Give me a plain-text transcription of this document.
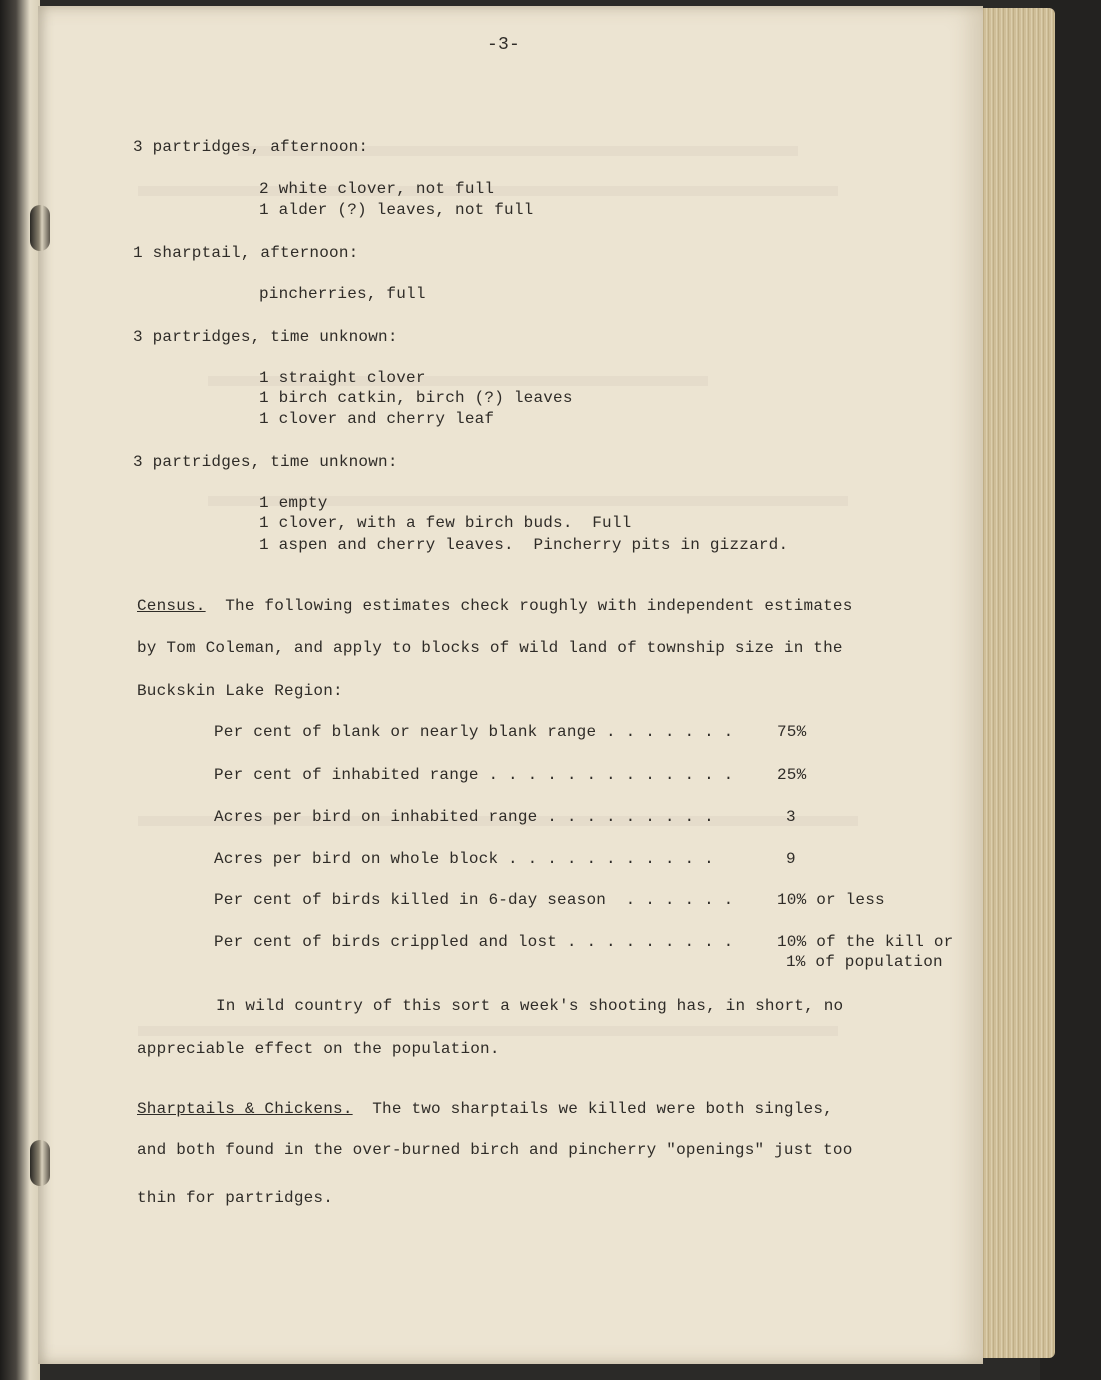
-3-
3 partridges, afternoon:
2 white clover, not full
1 alder (?) leaves, not full
1 sharptail, afternoon:
pincherries, full
3 partridges, time unknown:
1 straight clover
1 birch catkin, birch (?) leaves
1 clover and cherry leaf
3 partridges, time unknown:
1 empty
1 clover, with a few birch buds.  Full
1 aspen and cherry leaves.  Pincherry pits in gizzard.
Census.  The following estimates check roughly with independent estimates
by Tom Coleman, and apply to blocks of wild land of township size in the
Buckskin Lake Region:
Per cent of blank or nearly blank range . . . . . . .	75%
Per cent of inhabited range . . . . . . . . . . . . .	25%
Acres per bird on inhabited range . . . . . . . . .	3
Acres per bird on whole block . . . . . . . . . . .	9
Per cent of birds killed in 6-day season  . . . . . .	10% or less
Per cent of birds crippled and lost . . . . . . . . .	10% of the kill or
1% of population
In wild country of this sort a week's shooting has, in short, no
appreciable effect on the population.
Sharptails & Chickens.  The two sharptails we killed were both singles,
and both found in the over-burned birch and pincherry "openings" just too
thin for partridges.
